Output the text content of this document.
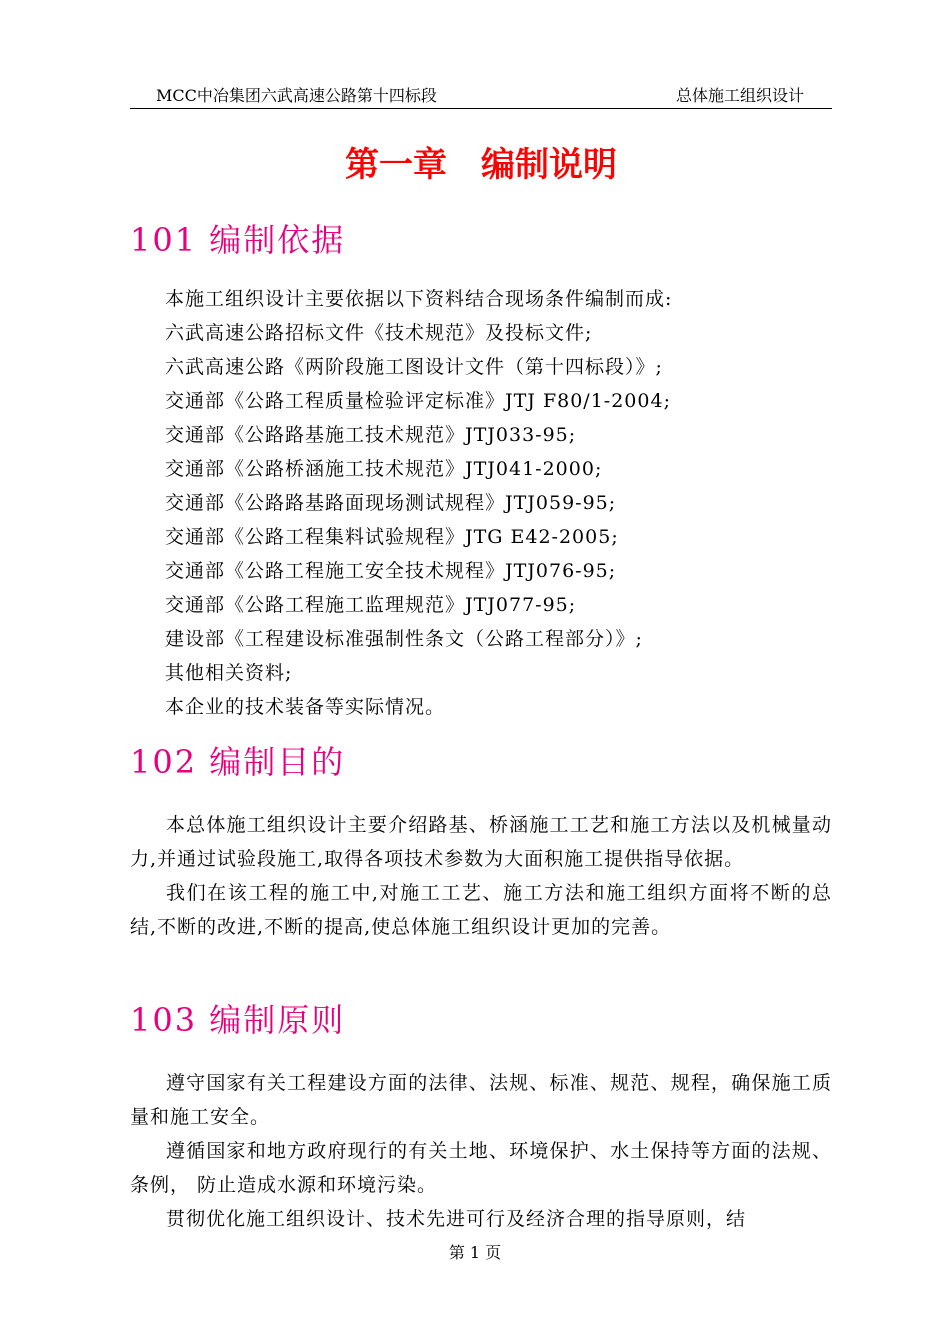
MCC中冶集团六武高速公路第十四标段	总体施工组织设计
第一章　编制说明
101 编制依据
本施工组织设计主要依据以下资料结合现场条件编制而成:
六武高速公路招标文件《技术规范》及投标文件;
六武高速公路《两阶段施工图设计文件（第十四标段）》;
交通部《公路工程质量检验评定标准》JTJ F80/1-2004;
交通部《公路路基施工技术规范》JTJ033-95;
交通部《公路桥涵施工技术规范》JTJ041-2000;
交通部《公路路基路面现场测试规程》JTJ059-95;
交通部《公路工程集料试验规程》JTG E42-2005;
交通部《公路工程施工安全技术规程》JTJ076-95;
交通部《公路工程施工监理规范》JTJ077-95;
建设部《工程建设标准强制性条文（公路工程部分）》;
其他相关资料;
本企业的技术装备等实际情况。
102 编制目的

本总体施工组织设计主要介绍路基、桥涵施工工艺和施工方法以及机械量动力,并通过试验段施工,取得各项技术参数为大面积施工提供指导依据。

我们在该工程的施工中,对施工工艺、施工方法和施工组织方面将不断的总结,不断的改进,不断的提高,使总体施工组织设计更加的完善。

103 编制原则

遵守国家有关工程建设方面的法律、法规、标准、规范、规程，确保施工质量和施工安全。

遵循国家和地方政府现行的有关土地、环境保护、水土保持等方面的法规、条例， 防止造成水源和环境污染。

贯彻优化施工组织设计、技术先进可行及经济合理的指导原则，结

第 1 页
